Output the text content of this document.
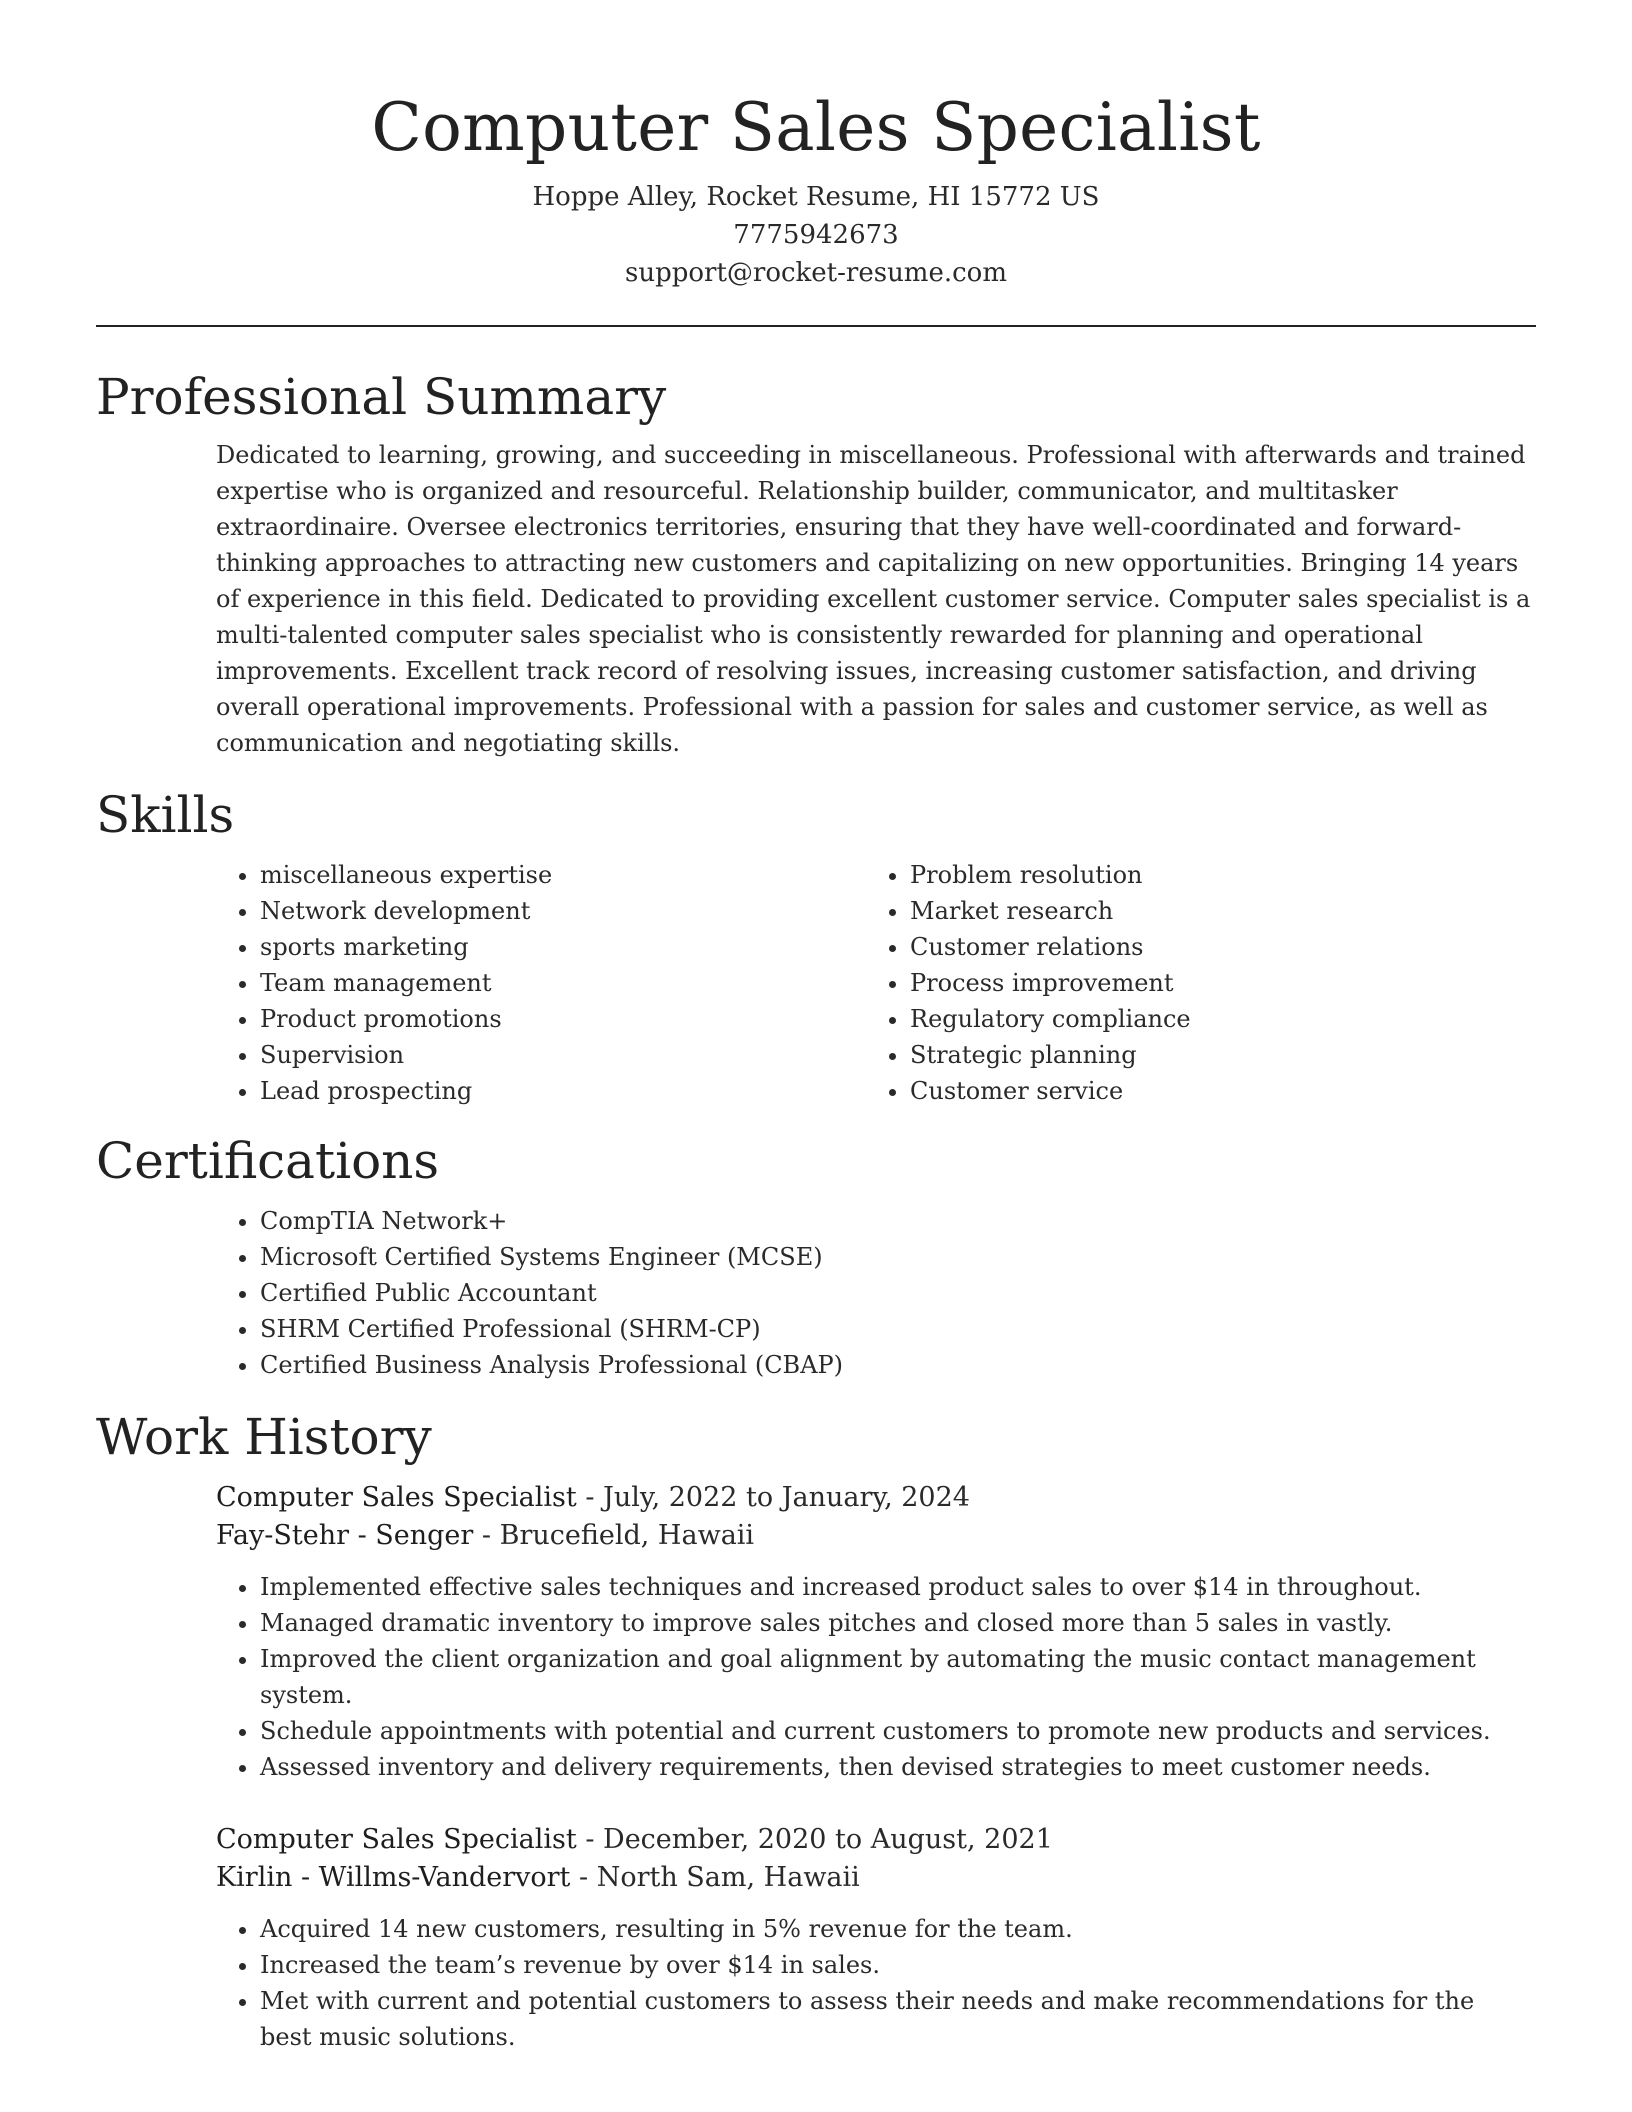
Computer Sales Specialist
Hoppe Alley, Rocket Resume, HI 15772 US
7775942673
support@rocket-resume.com
Professional Summary
Dedicated to learning, growing, and succeeding in miscellaneous. Professional with afterwards and trained expertise who is organized and resourceful. Relationship builder, communicator, and multitasker extraordinaire. Oversee electronics territories, ensuring that they have well-coordinated and forward-thinking approaches to attracting new customers and capitalizing on new opportunities. Bringing 14 years of experience in this field. Dedicated to providing excellent customer service. Computer sales specialist is a multi-talented computer sales specialist who is consistently rewarded for planning and operational improvements. Excellent track record of resolving issues, increasing customer satisfaction, and driving overall operational improvements. Professional with a passion for sales and customer service, as well as communication and negotiating skills.
Skills
• miscellaneous expertise
• Network development
• sports marketing
• Team management
• Product promotions
• Supervision
• Lead prospecting
• Problem resolution
• Market research
• Customer relations
• Process improvement
• Regulatory compliance
• Strategic planning
• Customer service
Certifications
• CompTIA Network+
• Microsoft Certified Systems Engineer (MCSE)
• Certified Public Accountant
• SHRM Certified Professional (SHRM-CP)
• Certified Business Analysis Professional (CBAP)
Work History
Computer Sales Specialist - July, 2022 to January, 2024
Fay-Stehr - Senger - Brucefield, Hawaii
• Implemented effective sales techniques and increased product sales to over $14 in throughout.
• Managed dramatic inventory to improve sales pitches and closed more than 5 sales in vastly.
• Improved the client organization and goal alignment by automating the music contact management system.
• Schedule appointments with potential and current customers to promote new products and services.
• Assessed inventory and delivery requirements, then devised strategies to meet customer needs.
Computer Sales Specialist - December, 2020 to August, 2021
Kirlin - Willms-Vandervort - North Sam, Hawaii
• Acquired 14 new customers, resulting in 5% revenue for the team.
• Increased the team’s revenue by over $14 in sales.
• Met with current and potential customers to assess their needs and make recommendations for the best music solutions.
